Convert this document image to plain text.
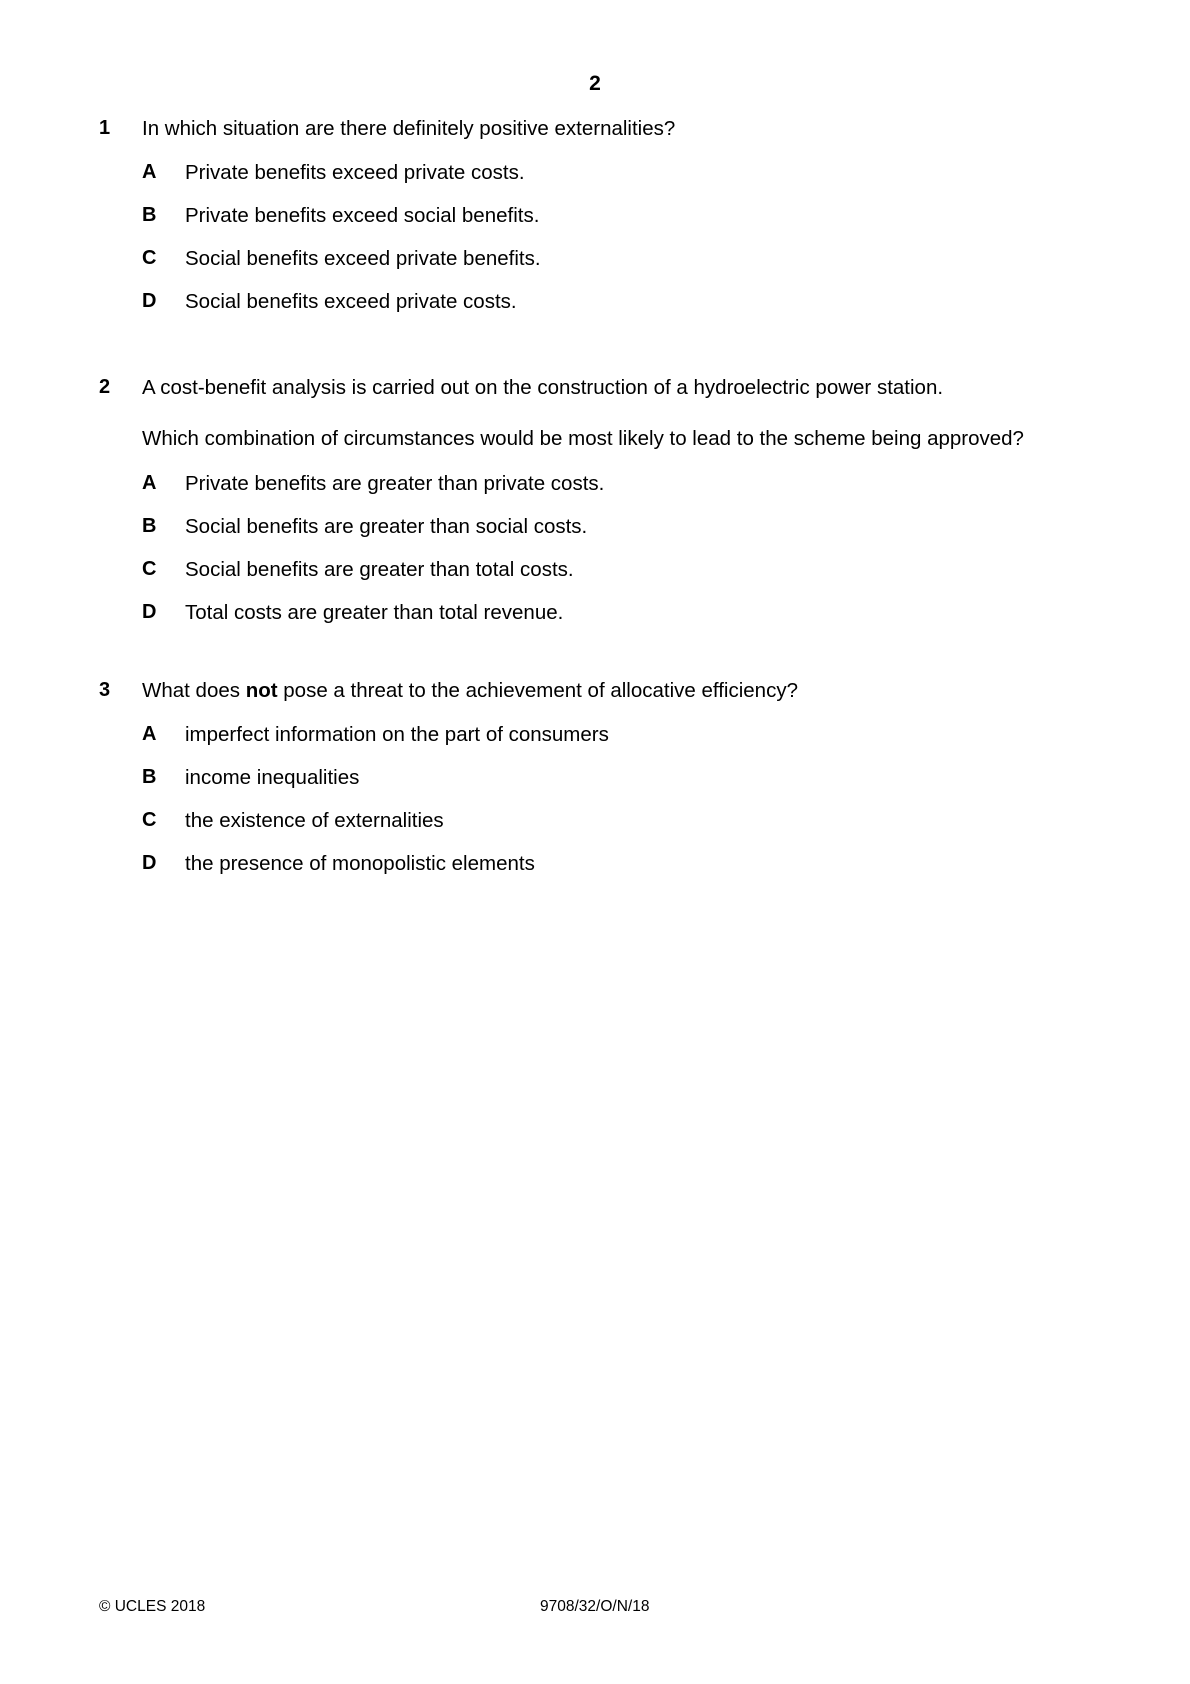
2
1 In which situation are there definitely positive externalities?
A Private benefits exceed private costs.
B Private benefits exceed social benefits.
C Social benefits exceed private benefits.
D Social benefits exceed private costs.
2 A cost-benefit analysis is carried out on the construction of a hydroelectric power station.
Which combination of circumstances would be most likely to lead to the scheme being approved?
A Private benefits are greater than private costs.
B Social benefits are greater than social costs.
C Social benefits are greater than total costs.
D Total costs are greater than total revenue.
3 What does not pose a threat to the achievement of allocative efficiency?
A imperfect information on the part of consumers
B income inequalities
C the existence of externalities
D the presence of monopolistic elements
© UCLES 2018	9708/32/O/N/18
